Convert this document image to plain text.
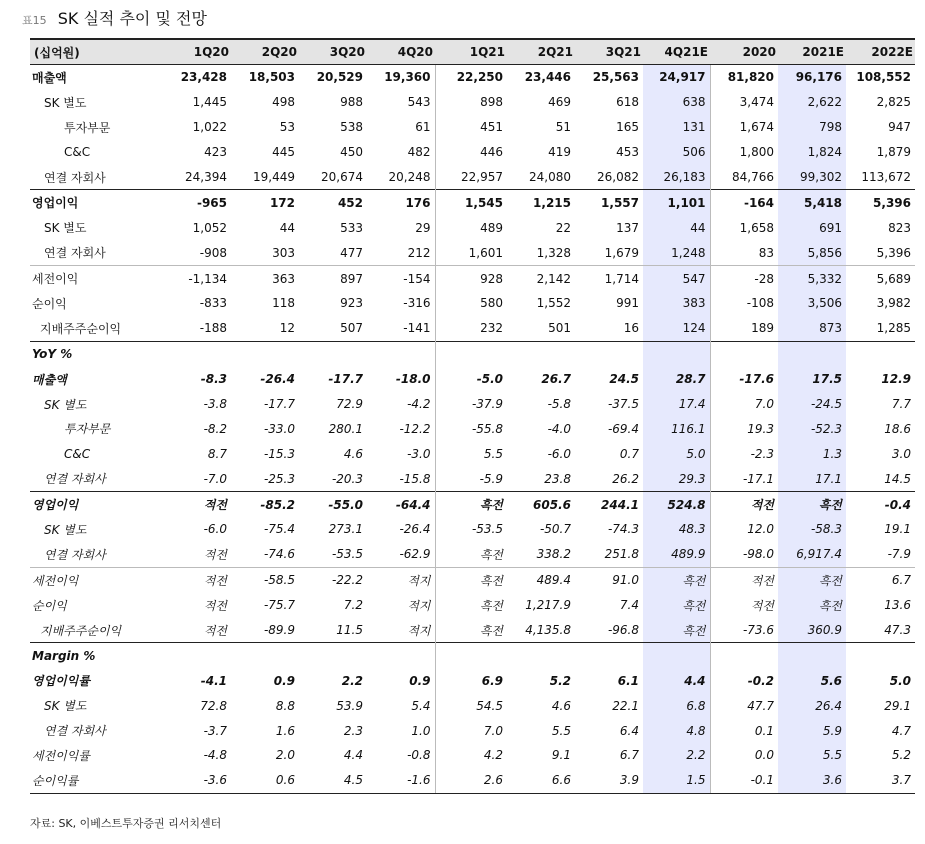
표15 SK 실적 추이 및 전망
(십억원)	1Q20	2Q20	3Q20	4Q20	1Q21	2Q21	3Q21	4Q21E	2020	2021E	2022E
매출액	23,428	18,503	20,529	19,360	22,250	23,446	25,563	24,917	81,820	96,176	108,552
SK 별도	1,445	498	988	543	898	469	618	638	3,474	2,622	2,825
투자부문	1,022	53	538	61	451	51	165	131	1,674	798	947
C&C	423	445	450	482	446	419	453	506	1,800	1,824	1,879
연결 자회사	24,394	19,449	20,674	20,248	22,957	24,080	26,082	26,183	84,766	99,302	113,672
영업이익	-965	172	452	176	1,545	1,215	1,557	1,101	-164	5,418	5,396
SK 별도	1,052	44	533	29	489	22	137	44	1,658	691	823
연결 자회사	-908	303	477	212	1,601	1,328	1,679	1,248	83	5,856	5,396
세전이익	-1,134	363	897	-154	928	2,142	1,714	547	-28	5,332	5,689
순이익	-833	118	923	-316	580	1,552	991	383	-108	3,506	3,982
지배주주순이익	-188	12	507	-141	232	501	16	124	189	873	1,285
YoY %											
매출액	-8.3	-26.4	-17.7	-18.0	-5.0	26.7	24.5	28.7	-17.6	17.5	12.9
SK 별도	-3.8	-17.7	72.9	-4.2	-37.9	-5.8	-37.5	17.4	7.0	-24.5	7.7
투자부문	-8.2	-33.0	280.1	-12.2	-55.8	-4.0	-69.4	116.1	19.3	-52.3	18.6
C&C	8.7	-15.3	4.6	-3.0	5.5	-6.0	0.7	5.0	-2.3	1.3	3.0
연결 자회사	-7.0	-25.3	-20.3	-15.8	-5.9	23.8	26.2	29.3	-17.1	17.1	14.5
영업이익	적전	-85.2	-55.0	-64.4	흑전	605.6	244.1	524.8	적전	흑전	-0.4
SK 별도	-6.0	-75.4	273.1	-26.4	-53.5	-50.7	-74.3	48.3	12.0	-58.3	19.1
연결 자회사	적전	-74.6	-53.5	-62.9	흑전	338.2	251.8	489.9	-98.0	6,917.4	-7.9
세전이익	적전	-58.5	-22.2	적지	흑전	489.4	91.0	흑전	적전	흑전	6.7
순이익	적전	-75.7	7.2	적지	흑전	1,217.9	7.4	흑전	적전	흑전	13.6
지배주주순이익	적전	-89.9	11.5	적지	흑전	4,135.8	-96.8	흑전	-73.6	360.9	47.3
Margin %											
영업이익률	-4.1	0.9	2.2	0.9	6.9	5.2	6.1	4.4	-0.2	5.6	5.0
SK 별도	72.8	8.8	53.9	5.4	54.5	4.6	22.1	6.8	47.7	26.4	29.1
연결 자회사	-3.7	1.6	2.3	1.0	7.0	5.5	6.4	4.8	0.1	5.9	4.7
세전이익률	-4.8	2.0	4.4	-0.8	4.2	9.1	6.7	2.2	0.0	5.5	5.2
순이익률	-3.6	0.6	4.5	-1.6	2.6	6.6	3.9	1.5	-0.1	3.6	3.7
자료: SK, 이베스트투자증권 리서치센터
